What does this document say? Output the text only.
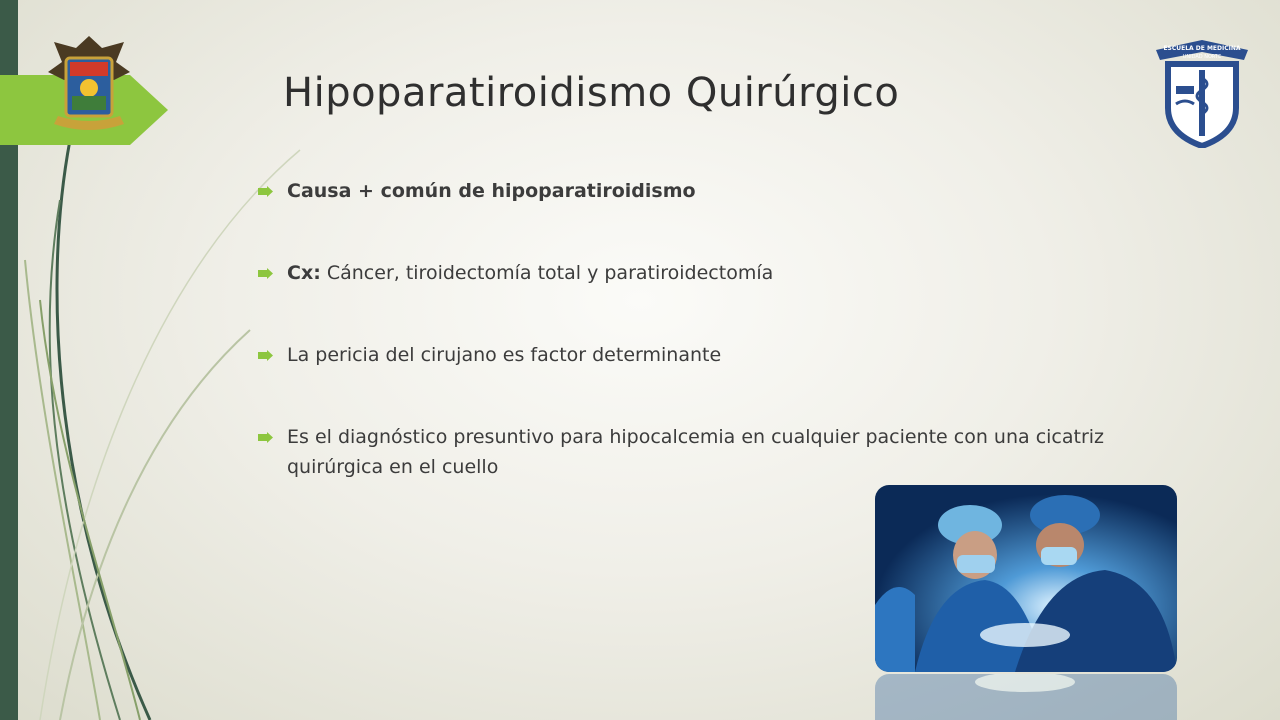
ESCUELA DE MEDICINA
UNIDAD NORTE
Hipoparatiroidismo Quirúrgico
Causa + común de hipoparatiroidismo
Cx: Cáncer, tiroidectomía total y paratiroidectomía
La pericia del cirujano es factor determinante
Es el diagnóstico presuntivo para hipocalcemia en cualquier paciente con una cicatriz quirúrgica en el cuello
